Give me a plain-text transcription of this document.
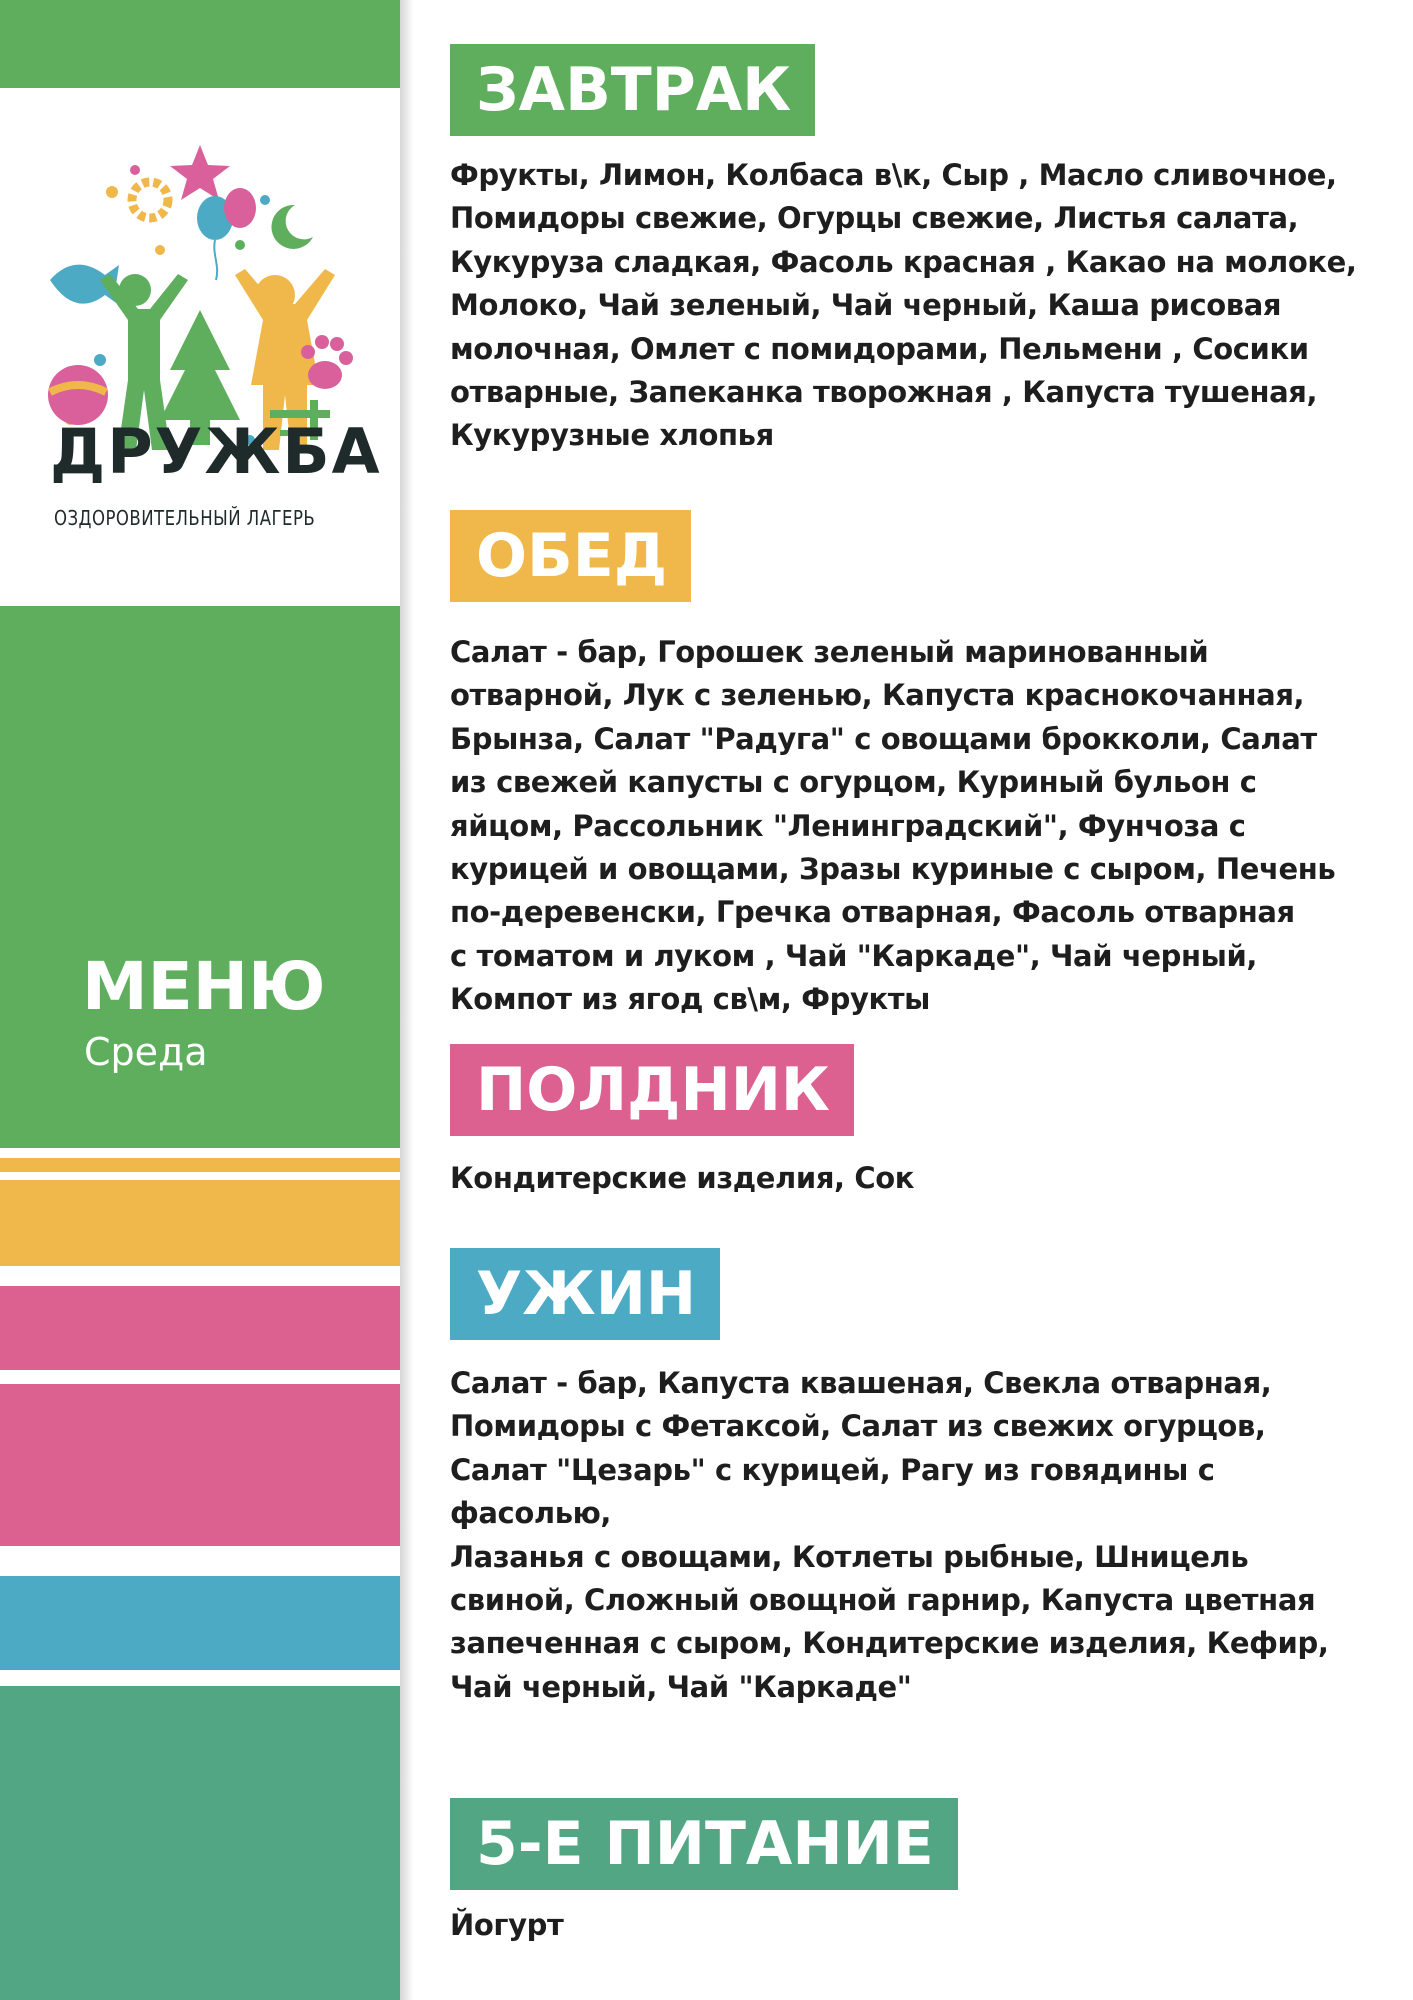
ДРУЖБА
ОЗДОРОВИТЕЛЬНЫЙ ЛАГЕРЬ
МЕНЮ
Среда
ЗАВТРАК
Фрукты, Лимон, Колбаса в\к, Сыр , Масло сливочное,
Помидоры свежие, Огурцы свежие, Листья салата,
Кукуруза сладкая, Фасоль красная , Какао на молоке,
Молоко, Чай зеленый, Чай черный, Каша рисовая
молочная, Омлет с помидорами, Пельмени , Сосики
отварные, Запеканка творожная , Капуста тушеная,
Кукурузные хлопья
ОБЕД
Салат - бар, Горошек зеленый маринованный
отварной, Лук с зеленью, Капуста краснокочанная,
Брынза, Салат "Радуга" с овощами брокколи, Салат
из свежей капусты с огурцом, Куриный бульон с
яйцом, Рассольник "Ленинградский", Фунчоза с
курицей и овощами, Зразы куриные с сыром, Печень
по-деревенски, Гречка отварная, Фасоль отварная
с томатом и луком , Чай "Каркаде", Чай черный,
Компот из ягод св\м, Фрукты
ПОЛДНИК
Кондитерские изделия, Сок
УЖИН
Салат - бар, Капуста квашеная, Свекла отварная,
Помидоры с Фетаксой, Салат из свежих огурцов,
Салат "Цезарь" с курицей, Рагу из говядины с фасолью,
Лазанья с овощами, Котлеты рыбные, Шницель
свиной, Сложный овощной гарнир, Капуста цветная
запеченная с сыром, Кондитерские изделия, Кефир,
Чай черный, Чай "Каркаде"
5-Е ПИТАНИЕ
Йогурт
